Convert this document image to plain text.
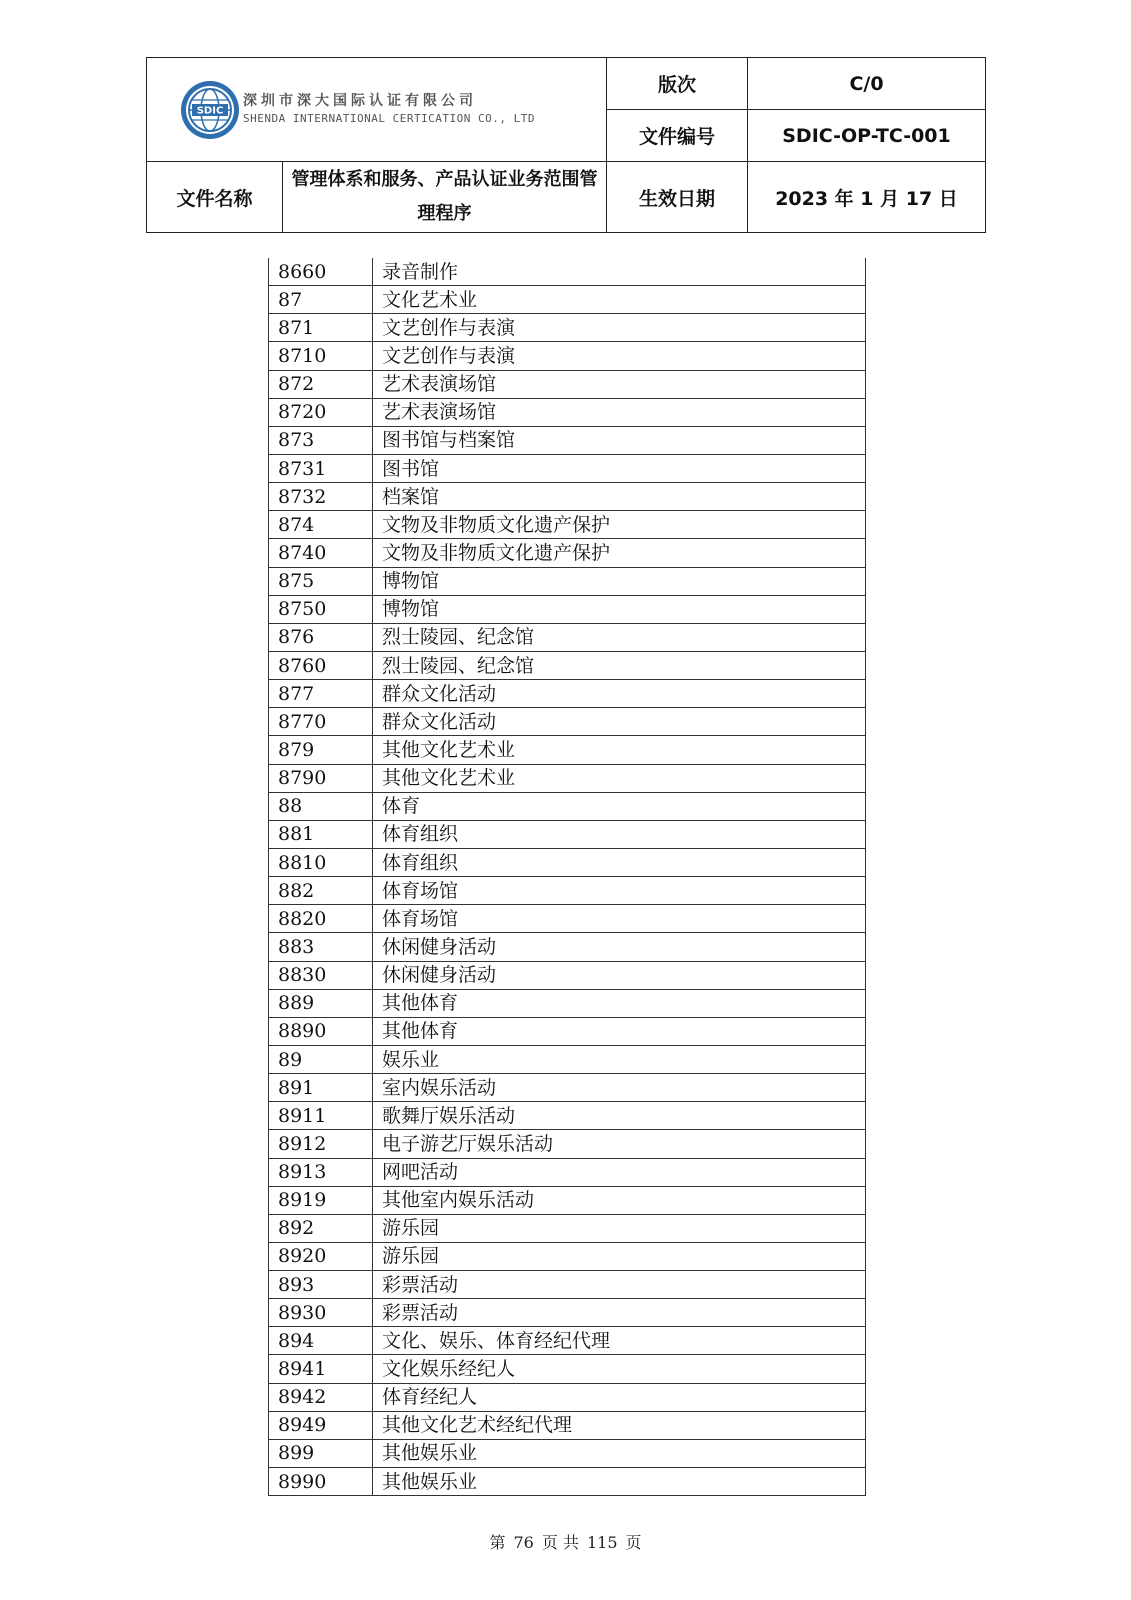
SDIC
深圳市深大国际认证有限公司
SHENDA INTERNATIONAL CERTICATION CO., LTD		版次	C/0
		文件编号	SDIC-OP-TC-001
文件名称	管理体系和服务、产品认证业务范围管理程序	生效日期	2023 年 1 月 17 日
8660	录音制作
87	文化艺术业
871	文艺创作与表演
8710	文艺创作与表演
872	艺术表演场馆
8720	艺术表演场馆
873	图书馆与档案馆
8731	图书馆
8732	档案馆
874	文物及非物质文化遗产保护
8740	文物及非物质文化遗产保护
875	博物馆
8750	博物馆
876	烈士陵园、纪念馆
8760	烈士陵园、纪念馆
877	群众文化活动
8770	群众文化活动
879	其他文化艺术业
8790	其他文化艺术业
88	体育
881	体育组织
8810	体育组织
882	体育场馆
8820	体育场馆
883	休闲健身活动
8830	休闲健身活动
889	其他体育
8890	其他体育
89	娱乐业
891	室内娱乐活动
8911	歌舞厅娱乐活动
8912	电子游艺厅娱乐活动
8913	网吧活动
8919	其他室内娱乐活动
892	游乐园
8920	游乐园
893	彩票活动
8930	彩票活动
894	文化、娱乐、体育经纪代理
8941	文化娱乐经纪人
8942	体育经纪人
8949	其他文化艺术经纪代理
899	其他娱乐业
8990	其他娱乐业
第 76 页 共 115 页
